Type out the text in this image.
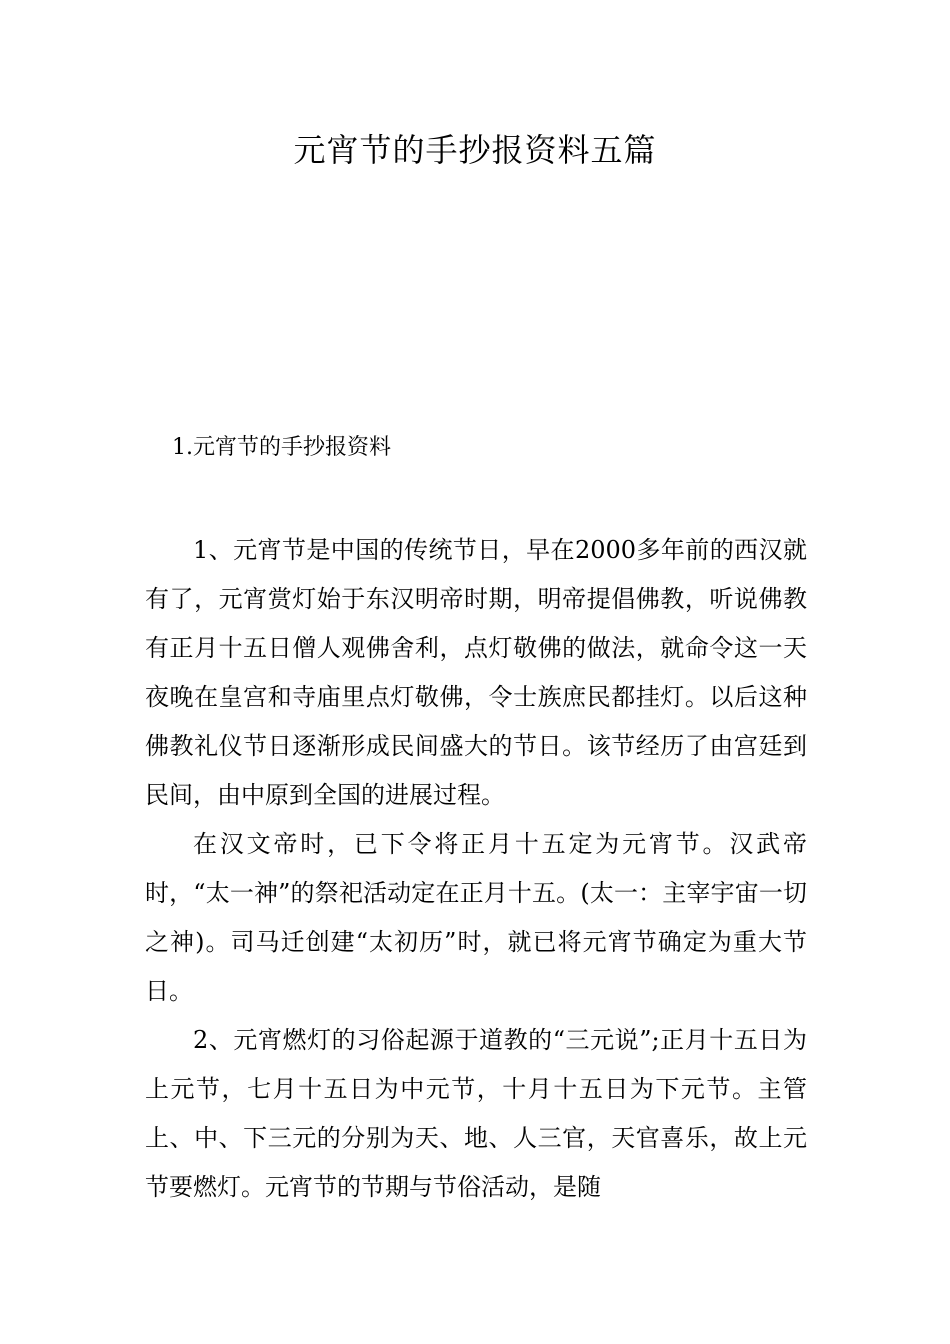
元宵节的手抄报资料五篇
1.元宵节的手抄报资料

1、元宵节是中国的传统节日，早在2000多年前的西汉就有了，元宵赏灯始于东汉明帝时期，明帝提倡佛教，听说佛教有正月十五日僧人观佛舍利，点灯敬佛的做法，就命令这一天夜晚在皇宫和寺庙里点灯敬佛，令士族庶民都挂灯。以后这种佛教礼仪节日逐渐形成民间盛大的节日。该节经历了由宫廷到民间，由中原到全国的进展过程。

在汉文帝时，已下令将正月十五定为元宵节。汉武帝时，“太一神”的祭祀活动定在正月十五。(太一：主宰宇宙一切之神)。司马迁创建“太初历”时，就已将元宵节确定为重大节日。

2、元宵燃灯的习俗起源于道教的“三元说”;正月十五日为上元节，七月十五日为中元节，十月十五日为下元节。主管上、中、下三元的分别为天、地、人三官，天官喜乐，故上元节要燃灯。元宵节的节期与节俗活动，是随
